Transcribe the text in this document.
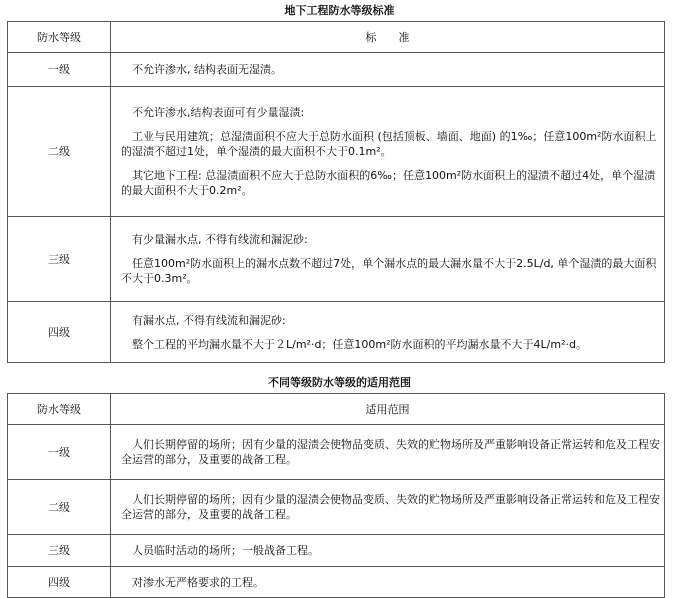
地下工程防水等级标准
防水等级	标　　准
一级	不允许渗水, 结构表面无湿渍。

二级	不允许渗水,结构表面可有少量湿渍:

工业与民用建筑；总湿渍面积不应大于总防水面积 (包括顶板、墙面、地面) 的1‰；任意100m²防水面积上的湿渍不超过1处，单个湿渍的最大面积不大于0.1m²。

其它地下工程: 总湿渍面积不应大于总防水面积的6‰；任意100m²防水面积上的湿渍不超过4处，单个湿渍的最大面积不大于0.2m²。

三级	有少量漏水点, 不得有线流和漏泥砂:

任意100m²防水面积上的漏水点数不超过7处，单个漏水点的最大漏水量不大于2.5L/d, 单个湿渍的最大面积不大于0.3m²。

四级	有漏水点, 不得有线流和漏泥砂:

整个工程的平均漏水量不大于２L/m²·d；任意100m²防水面积的平均漏水量不大于4L/m²·d。

不同等级防水等级的适用范围
防水等级	适用范围
一级	人们长期停留的场所；因有少量的湿渍会使物品变质、失效的贮物场所及严重影响设备正常运转和危及工程安全运营的部分，及重要的战备工程。

二级	人们长期停留的场所；因有少量的湿渍会使物品变质、失效的贮物场所及严重影响设备正常运转和危及工程安全运营的部分，及重要的战备工程。

三级	人员临时活动的场所；一般战备工程。

四级	对渗水无严格要求的工程。
